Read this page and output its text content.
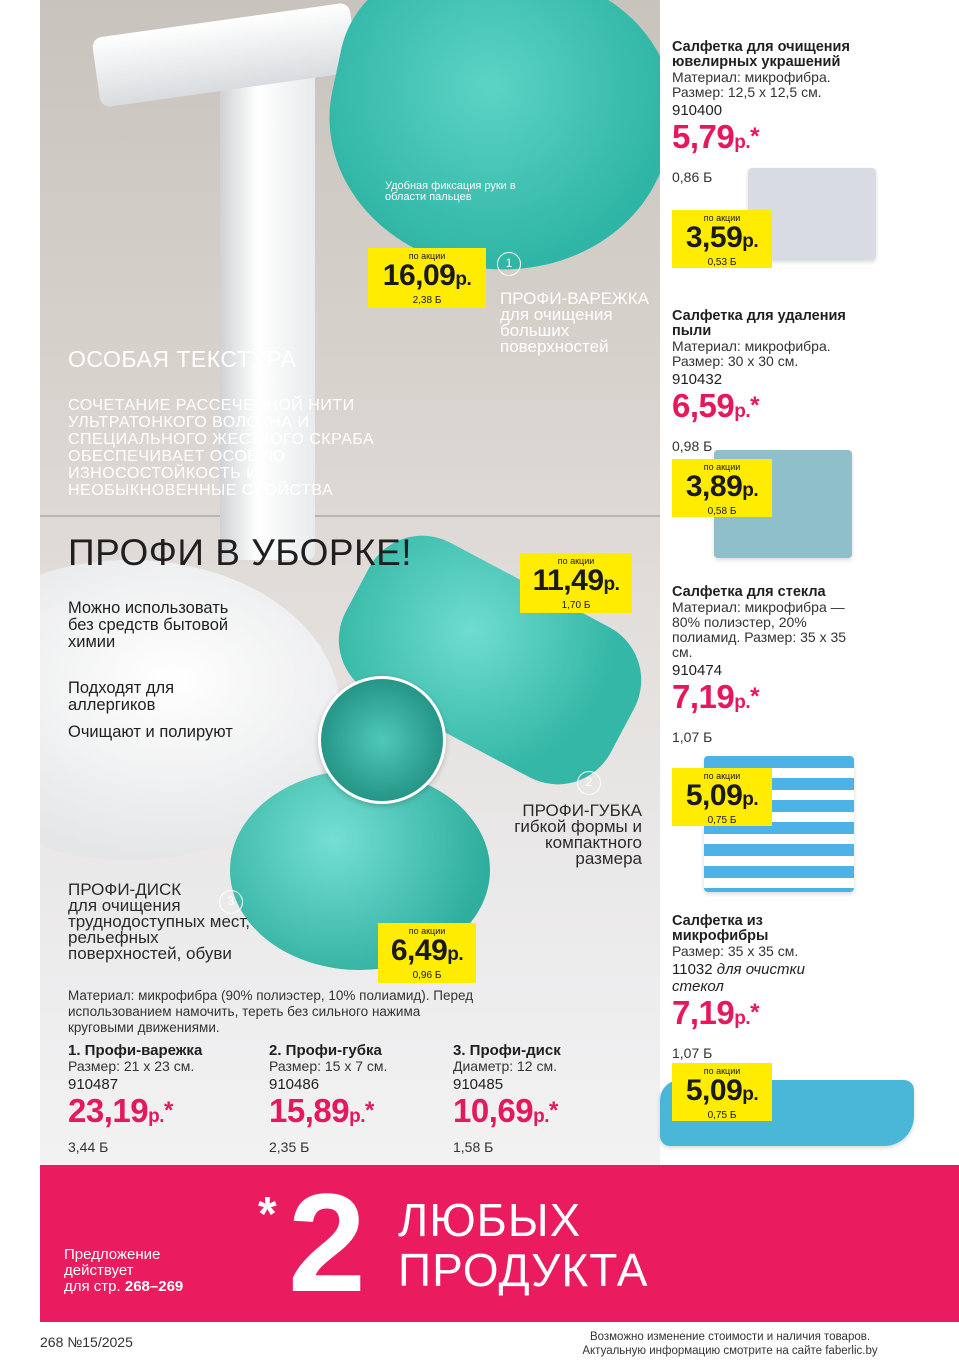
Удобная фиксация руки в области пальцев
ОСОБАЯ ТЕКСТУРА
СОЧЕТАНИЕ РАССЕЧЕННОЙ НИТИ УЛЬТРАТОНКОГО ВОЛОКНА И СПЕЦИАЛЬНОГО ЖЕСТКОГО СКРАБА ОБЕСПЕЧИВАЕТ ОСОБУЮ ИЗНОСОСТОЙКОСТЬ И НЕОБЫКНОВЕННЫЕ СВОЙСТВА
ПРОФИ В УБОРКЕ!
Можно использовать без средств бытовой химии
Подходят для аллергиков
Очищают и полируют
1
ПРОФИ-ВАРЕЖКА
для очищения больших поверхностей
2
ПРОФИ-ГУБКА
гибкой формы и компактного размера
3
ПРОФИ-ДИСК
для очищения труднодоступных мест, рельефных поверхностей, обуви
по акции
16,09р.
2,38 Б
по акции
11,49р.
1,70 Б
по акции
6,49р.
0,96 Б
Материал: микрофибра (90% полиэстер, 10% полиамид). Перед использованием намочить, тереть без сильного нажима круговыми движениями.
1. Профи-варежка
Размер: 21 х 23 см.
910487
23,19р.*
3,44 Б
2. Профи-губка
Размер: 15 х 7 см.
910486
15,89р.*
2,35 Б
3. Профи-диск
Диаметр: 12 см.
910485
10,69р.*
1,58 Б
Салфетка для очищения ювелирных украшений
Материал: микрофибра. Размер: 12,5 х 12,5 см.
910400
5,79р.*
0,86 Б
по акции
3,59р.
0,53 Б
Салфетка для удаления пыли
Материал: микрофибра. Размер: 30 х 30 см.
910432
6,59р.*
0,98 Б
по акции
3,89р.
0,58 Б
Салфетка для стекла
Материал: микрофибра — 80% полиэстер, 20% полиамид. Размер: 35 х 35 см.
910474
7,19р.*
1,07 Б
по акции
5,09р.
0,75 Б
Салфетка из микрофибры
Размер: 35 х 35 см.
11032 для очистки стекол
7,19р.*
1,07 Б
по акции
5,09р.
0,75 Б
Предложение
действует
для стр. 268–269
* 2 ЛЮБЫХ
ПРОДУКТА
268 №15/2025	Возможно изменение стоимости и наличия товаров.
Актуальную информацию смотрите на сайте faberlic.by
